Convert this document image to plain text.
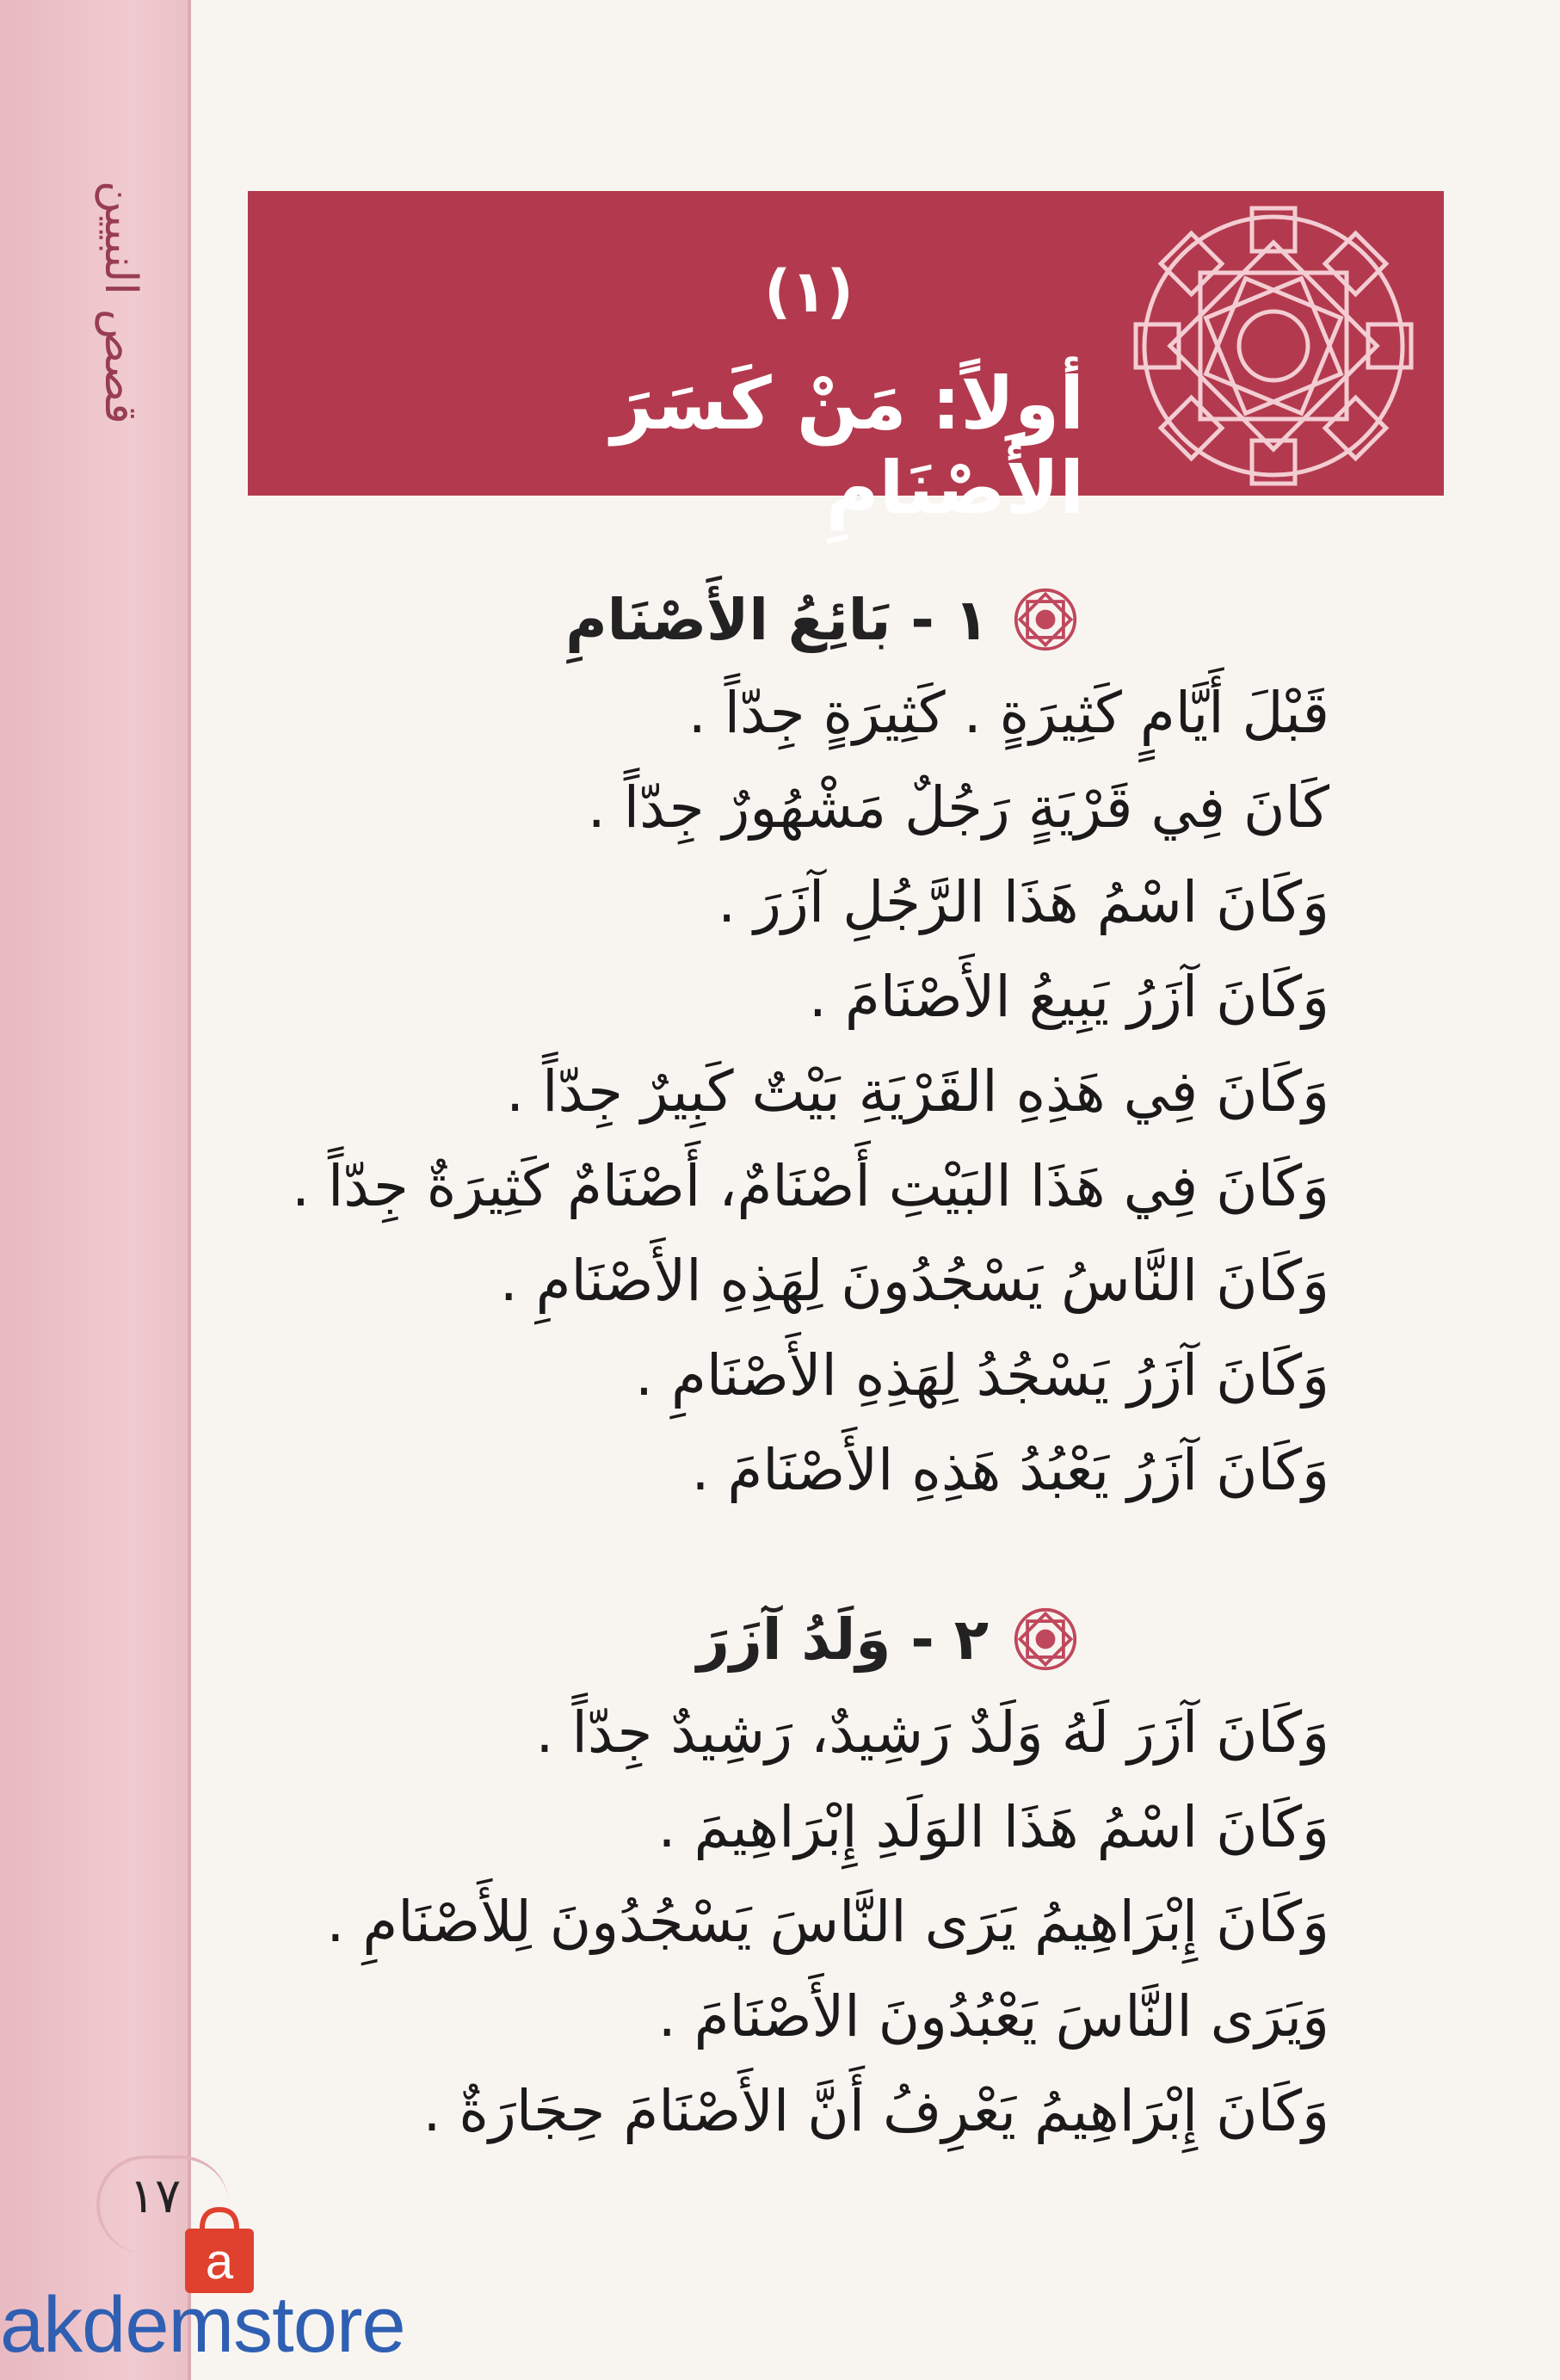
قصص النبيين	(١)
أولاً: مَنْ كَسَرَ الأَصْنَامِ
١ - بَائِعُ الأَصْنَامِ
قَبْلَ أَيَّامٍ كَثِيرَةٍ . كَثِيرَةٍ جِدّاً .
كَانَ فِي قَرْيَةٍ رَجُلٌ مَشْهُورٌ جِدّاً .
وَكَانَ اسْمُ هَذَا الرَّجُلِ آزَرَ .
وَكَانَ آزَرُ يَبِيعُ الأَصْنَامَ .
وَكَانَ فِي هَذِهِ القَرْيَةِ بَيْتٌ كَبِيرٌ جِدّاً .
وَكَانَ فِي هَذَا البَيْتِ أَصْنَامٌ، أَصْنَامٌ كَثِيرَةٌ جِدّاً .
وَكَانَ النَّاسُ يَسْجُدُونَ لِهَذِهِ الأَصْنَامِ .
وَكَانَ آزَرُ يَسْجُدُ لِهَذِهِ الأَصْنَامِ .
وَكَانَ آزَرُ يَعْبُدُ هَذِهِ الأَصْنَامَ .
٢ - وَلَدُ آزَرَ
وَكَانَ آزَرَ لَهُ وَلَدٌ رَشِيدٌ، رَشِيدٌ جِدّاً .
وَكَانَ اسْمُ هَذَا الوَلَدِ إِبْرَاهِيمَ .
وَكَانَ إِبْرَاهِيمُ يَرَى النَّاسَ يَسْجُدُونَ لِلأَصْنَامِ .
وَيَرَى النَّاسَ يَعْبُدُونَ الأَصْنَامَ .
وَكَانَ إِبْرَاهِيمُ يَعْرِفُ أَنَّ الأَصْنَامَ حِجَارَةٌ .
١٧
a
akdemstore
